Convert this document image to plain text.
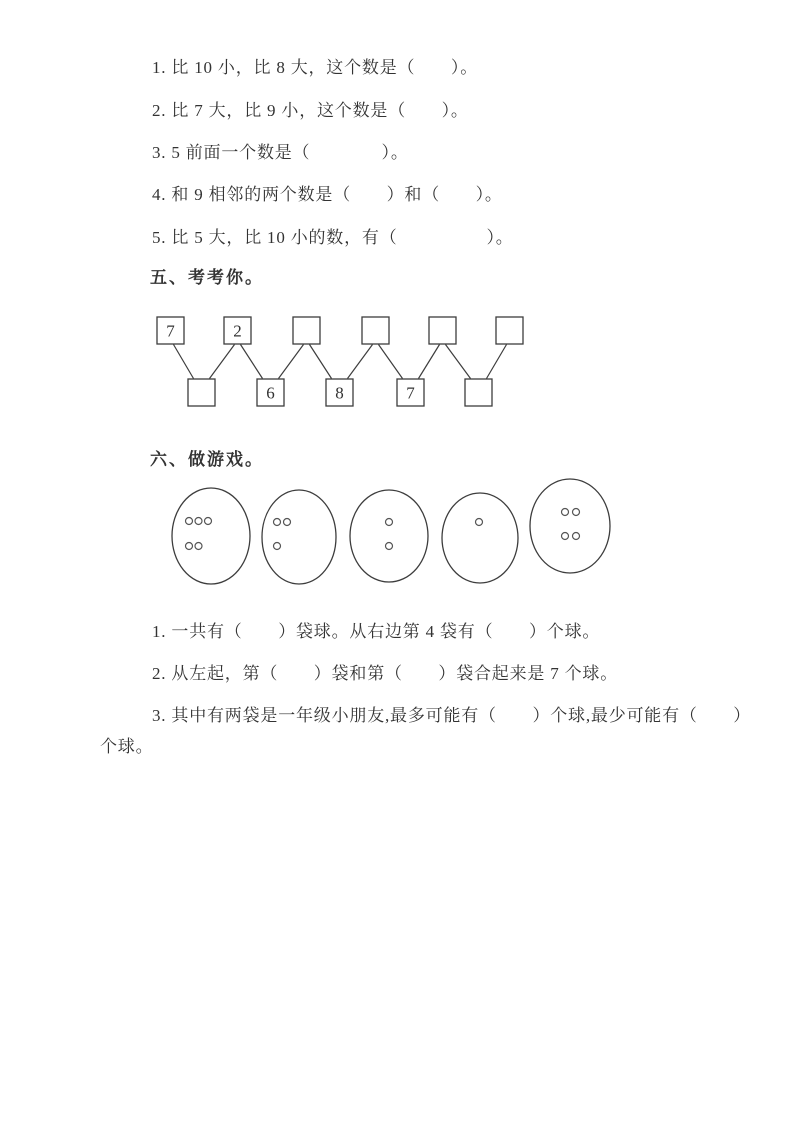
1. 比 10 小，比 8 大，这个数是（　　）。
2. 比 7 大，比 9 小，这个数是（　　）。
3. 5 前面一个数是（　　　　）。
4. 和 9 相邻的两个数是（　　）和（　　）。
5. 比 5 大，比 10 小的数，有（　　　　　）。
五、考考你。
六、做游戏。
1. 一共有（　　）袋球。从右边第 4 袋有（　　）个球。
2. 从左起，第（　　）袋和第（　　）袋合起来是 7 个球。
3. 其中有两袋是一年级小朋友,最多可能有（　　）个球,最少可能有（　　）
个球。
7	2
6	8	7
